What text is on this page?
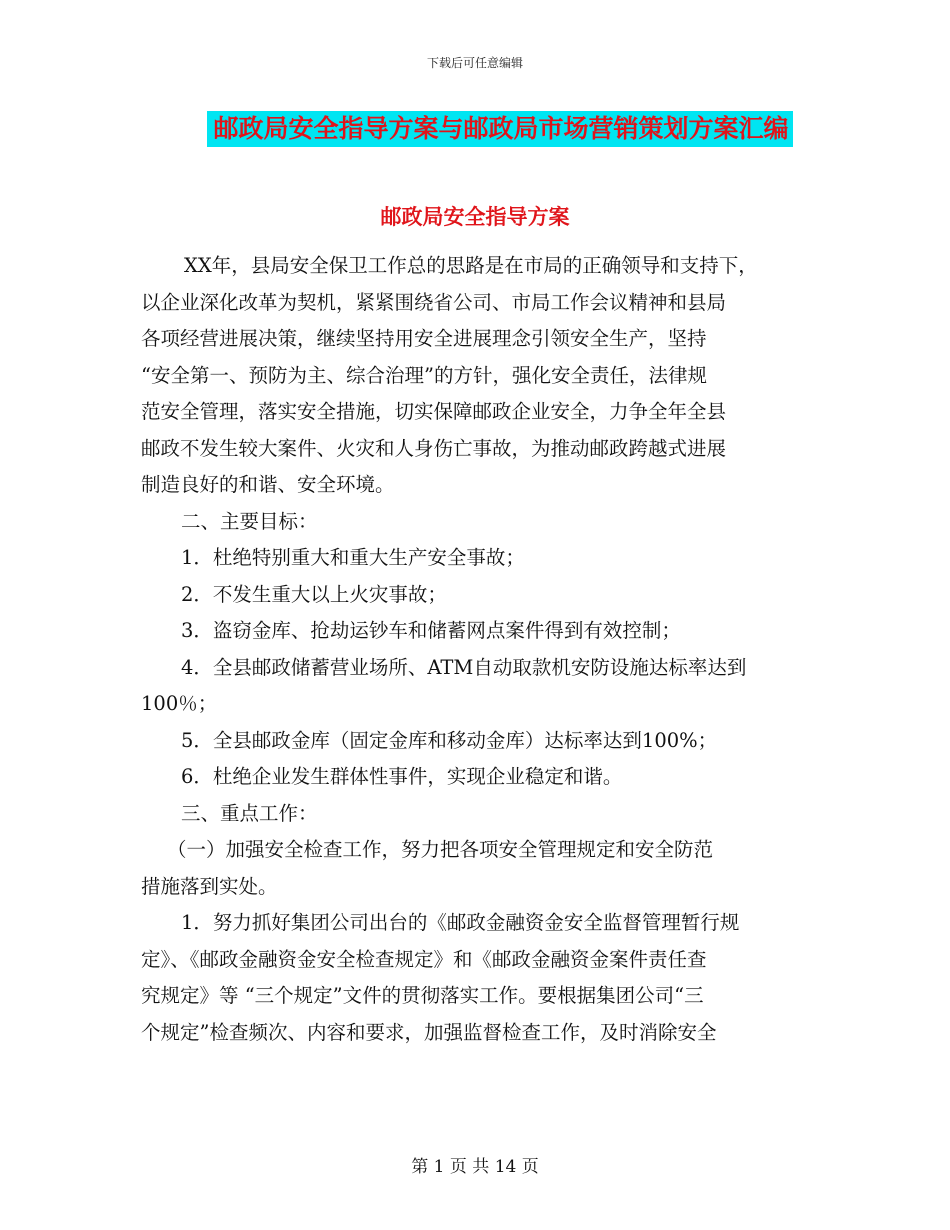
下载后可任意编辑
邮政局安全指导方案与邮政局市场营销策划方案汇编
邮政局安全指导方案
XX年，县局安全保卫工作总的思路是在市局的正确领导和支持下，
以企业深化改革为契机，紧紧围绕省公司、市局工作会议精神和县局
各项经营进展决策，继续坚持用安全进展理念引领安全生产，坚持
“安全第一、预防为主、综合治理”的方针，强化安全责任，法律规
范安全管理，落实安全措施，切实保障邮政企业安全，力争全年全县
邮政不发生较大案件、火灾和人身伤亡事故，为推动邮政跨越式进展
制造良好的和谐、安全环境。
二、主要目标：
1．杜绝特别重大和重大生产安全事故；
2．不发生重大以上火灾事故；
3．盗窃金库、抢劫运钞车和储蓄网点案件得到有效控制；
4．全县邮政储蓄营业场所、ATM自动取款机安防设施达标率达到
100％；
5．全县邮政金库（固定金库和移动金库）达标率达到100%；
6．杜绝企业发生群体性事件，实现企业稳定和谐。
三、重点工作：
（一）加强安全检查工作，努力把各项安全管理规定和安全防范
措施落到实处。
1．努力抓好集团公司出台的《邮政金融资金安全监督管理暂行规
定》、《邮政金融资金安全检查规定》和《邮政金融资金案件责任查
究规定》等 “三个规定”文件的贯彻落实工作。要根据集团公司“三
个规定”检查频次、内容和要求，加强监督检查工作，及时消除安全
第 1 页 共 14 页
